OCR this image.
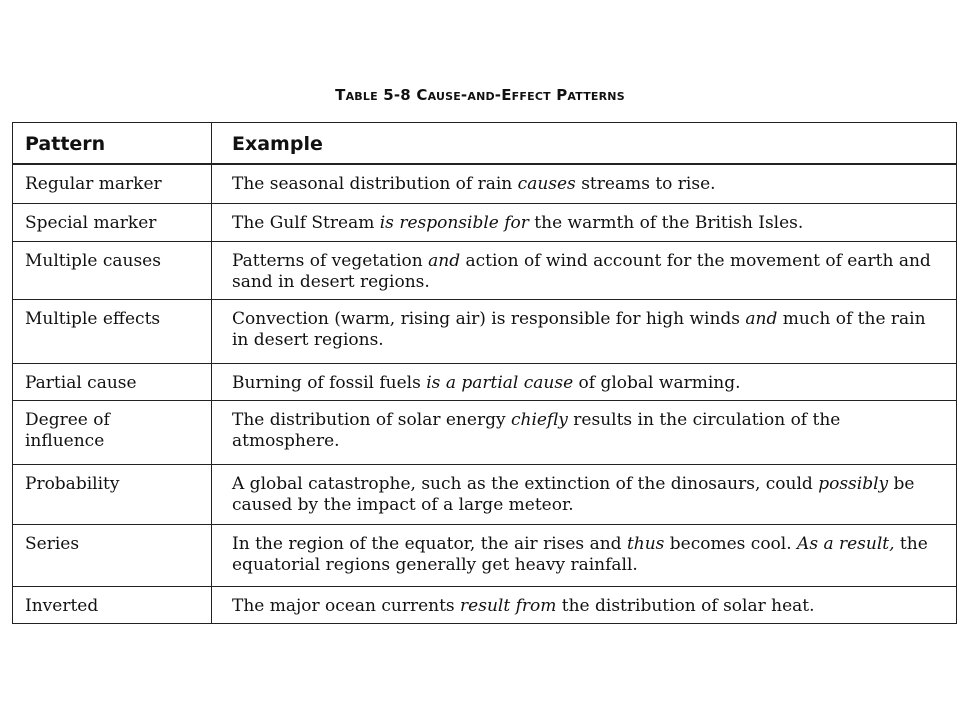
Table 5-8 Cause-and-Effect Patterns
Pattern	Example

Regular marker	The seasonal distribution of rain causes streams to rise.

Special marker	The Gulf Stream is responsible for the warmth of the British Isles.

Multiple causes	Patterns of vegetation and action of wind account for the movement of earth and sand in desert regions.

Multiple effects	Convection (warm, rising air) is responsible for high winds and much of the rain in desert regions.

Partial cause	Burning of fossil fuels is a partial cause of global warming.

Degree of
influence	The distribution of solar energy chiefly results in the circulation of the atmosphere.

Probability	A global catastrophe, such as the extinction of the dinosaurs, could possibly be caused by the impact of a large meteor.

Series	In the region of the equator, the air rises and thus becomes cool. As a result, the equatorial regions generally get heavy rainfall.

Inverted	The major ocean currents result from the distribution of solar heat.
